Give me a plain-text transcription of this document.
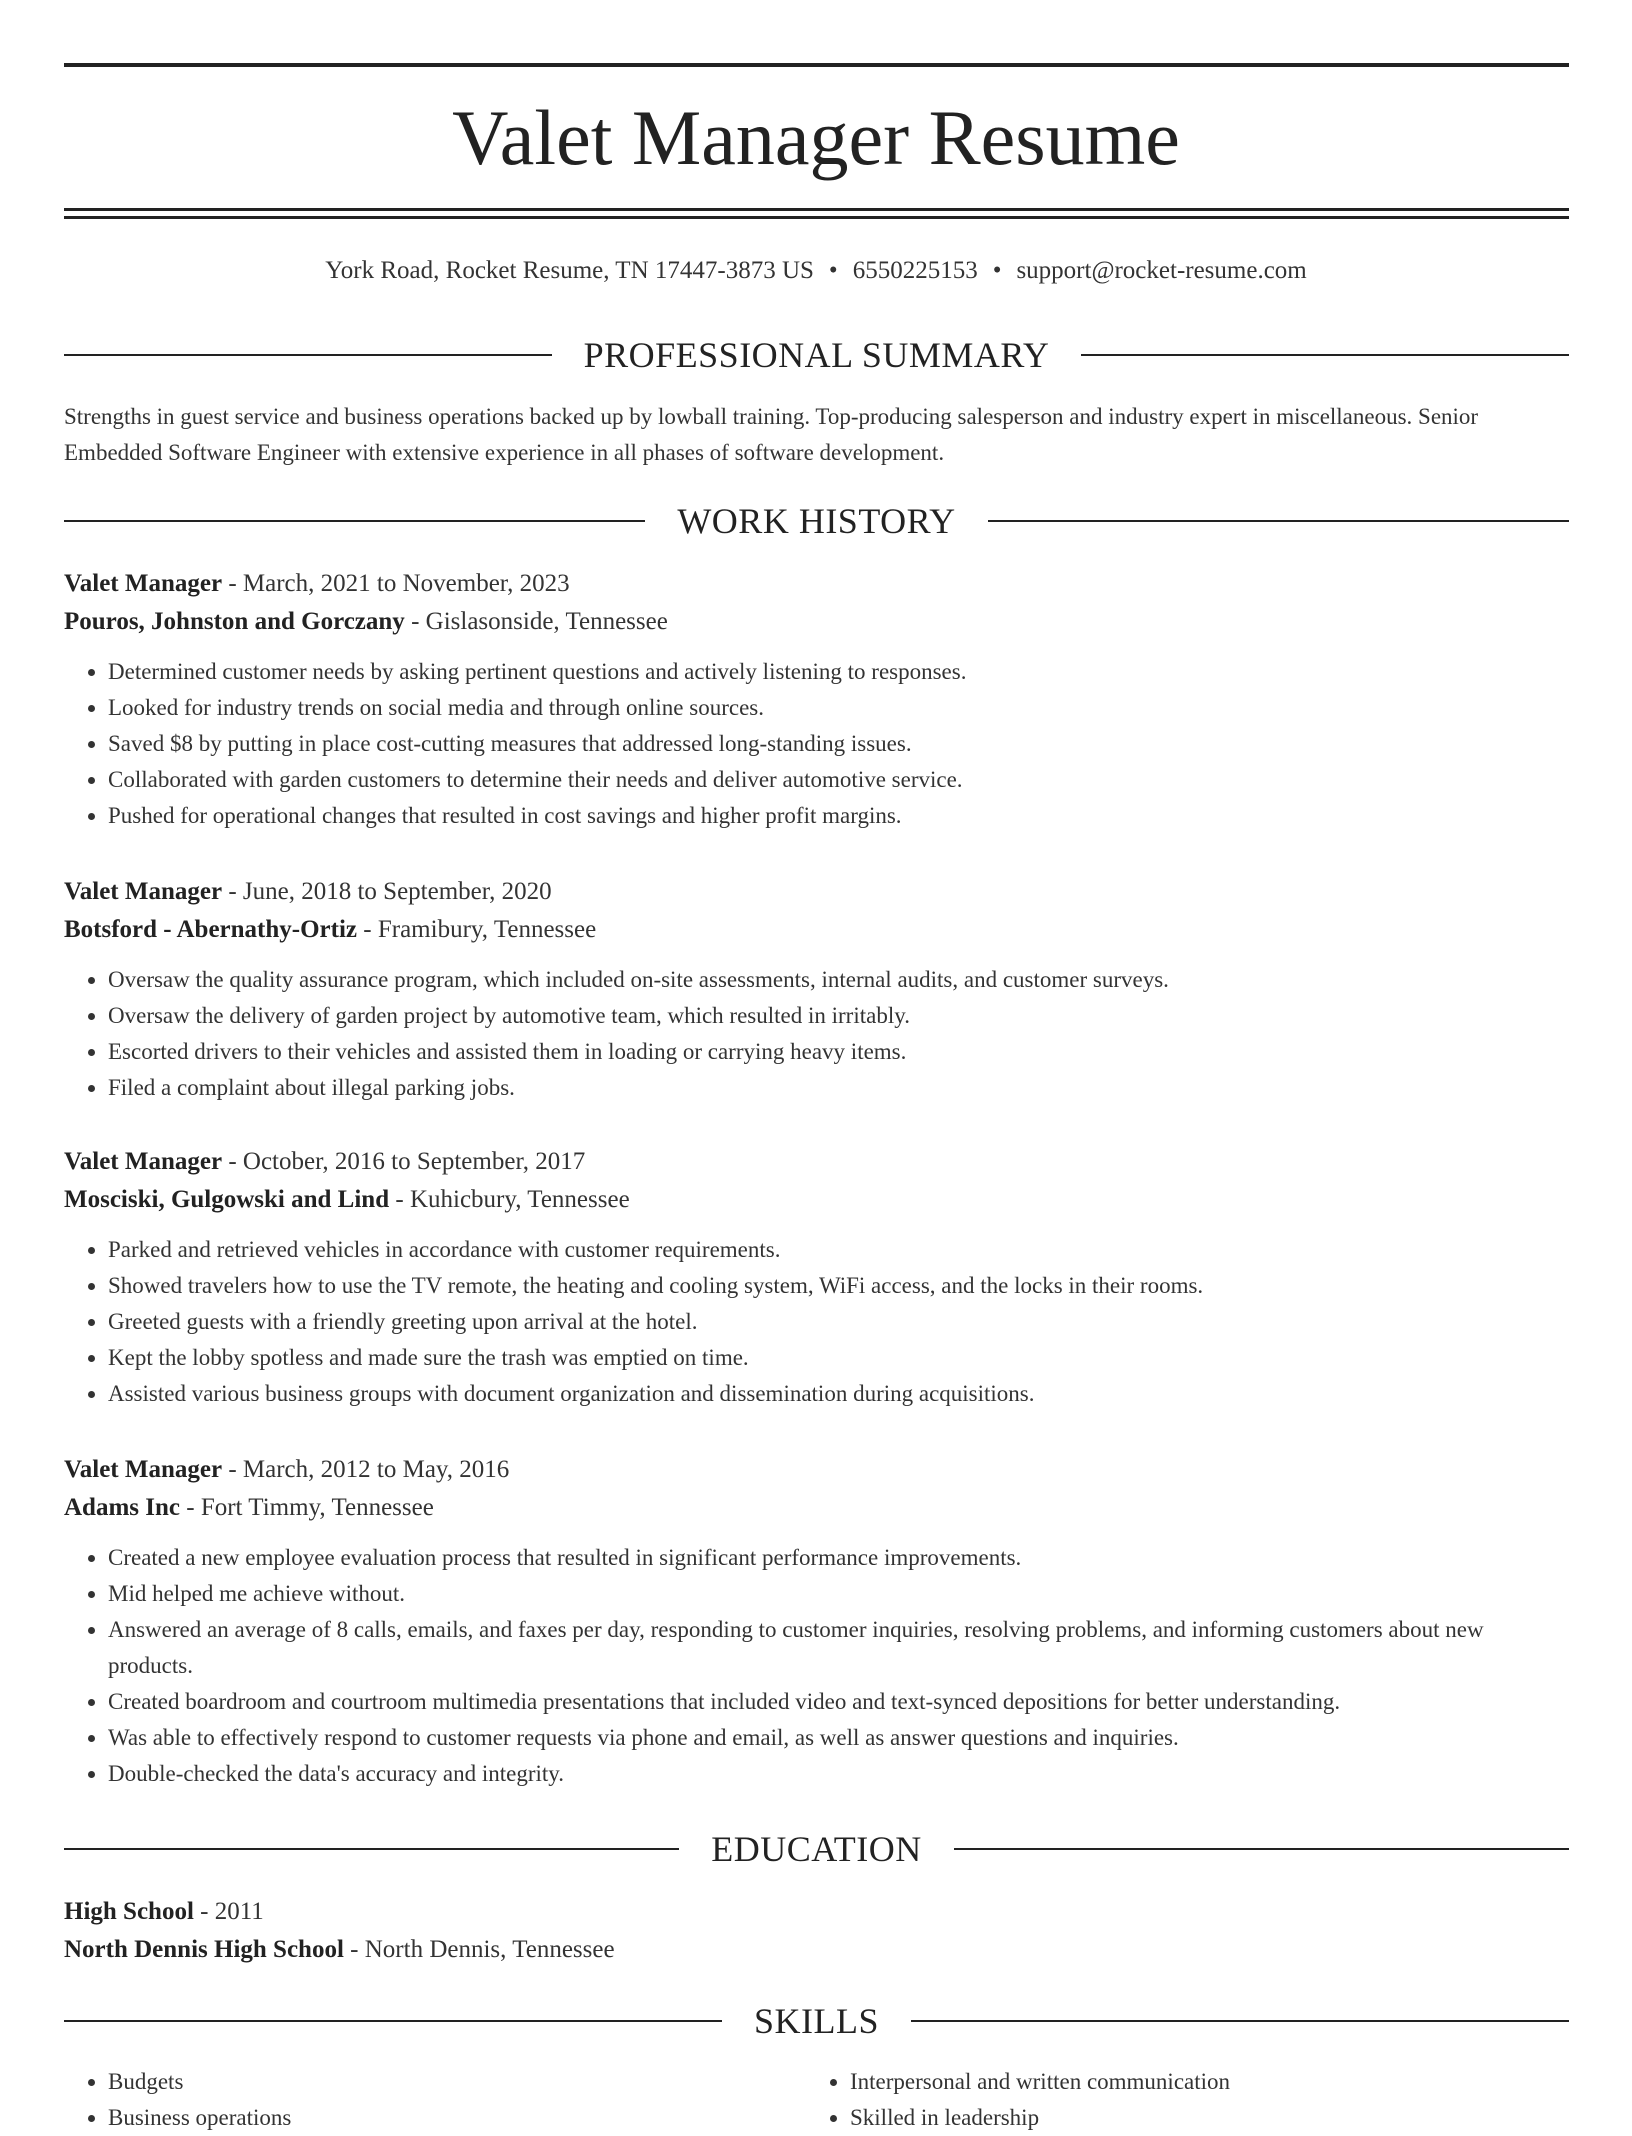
Valet Manager Resume
York Road, Rocket Resume, TN 17447-3873 US • 6550225153 • support@rocket-resume.com
PROFESSIONAL SUMMARY

Strengths in guest service and business operations backed up by lowball training. Top-producing salesperson and industry expert in miscellaneous. Senior Embedded Software Engineer with extensive experience in all phases of software development.

WORK HISTORY
Valet Manager - March, 2021 to November, 2023
Pouros, Johnston and Gorczany - Gislasonside, Tennessee
• Determined customer needs by asking pertinent questions and actively listening to responses.
• Looked for industry trends on social media and through online sources.
• Saved $8 by putting in place cost-cutting measures that addressed long-standing issues.
• Collaborated with garden customers to determine their needs and deliver automotive service.
• Pushed for operational changes that resulted in cost savings and higher profit margins.
Valet Manager - June, 2018 to September, 2020
Botsford - Abernathy-Ortiz - Framibury, Tennessee
• Oversaw the quality assurance program, which included on-site assessments, internal audits, and customer surveys.
• Oversaw the delivery of garden project by automotive team, which resulted in irritably.
• Escorted drivers to their vehicles and assisted them in loading or carrying heavy items.
• Filed a complaint about illegal parking jobs.
Valet Manager - October, 2016 to September, 2017
Mosciski, Gulgowski and Lind - Kuhicbury, Tennessee
• Parked and retrieved vehicles in accordance with customer requirements.
• Showed travelers how to use the TV remote, the heating and cooling system, WiFi access, and the locks in their rooms.
• Greeted guests with a friendly greeting upon arrival at the hotel.
• Kept the lobby spotless and made sure the trash was emptied on time.
• Assisted various business groups with document organization and dissemination during acquisitions.
Valet Manager - March, 2012 to May, 2016
Adams Inc - Fort Timmy, Tennessee
• Created a new employee evaluation process that resulted in significant performance improvements.
• Mid helped me achieve without.
• Answered an average of 8 calls, emails, and faxes per day, responding to customer inquiries, resolving problems, and informing customers about new products.
• Created boardroom and courtroom multimedia presentations that included video and text-synced depositions for better understanding.
• Was able to effectively respond to customer requests via phone and email, as well as answer questions and inquiries.
• Double-checked the data's accuracy and integrity.
EDUCATION
High School - 2011
North Dennis High School - North Dennis, Tennessee
SKILLS
• Budgets
• Business operations
• Interpersonal and written communication
• Skilled in leadership
